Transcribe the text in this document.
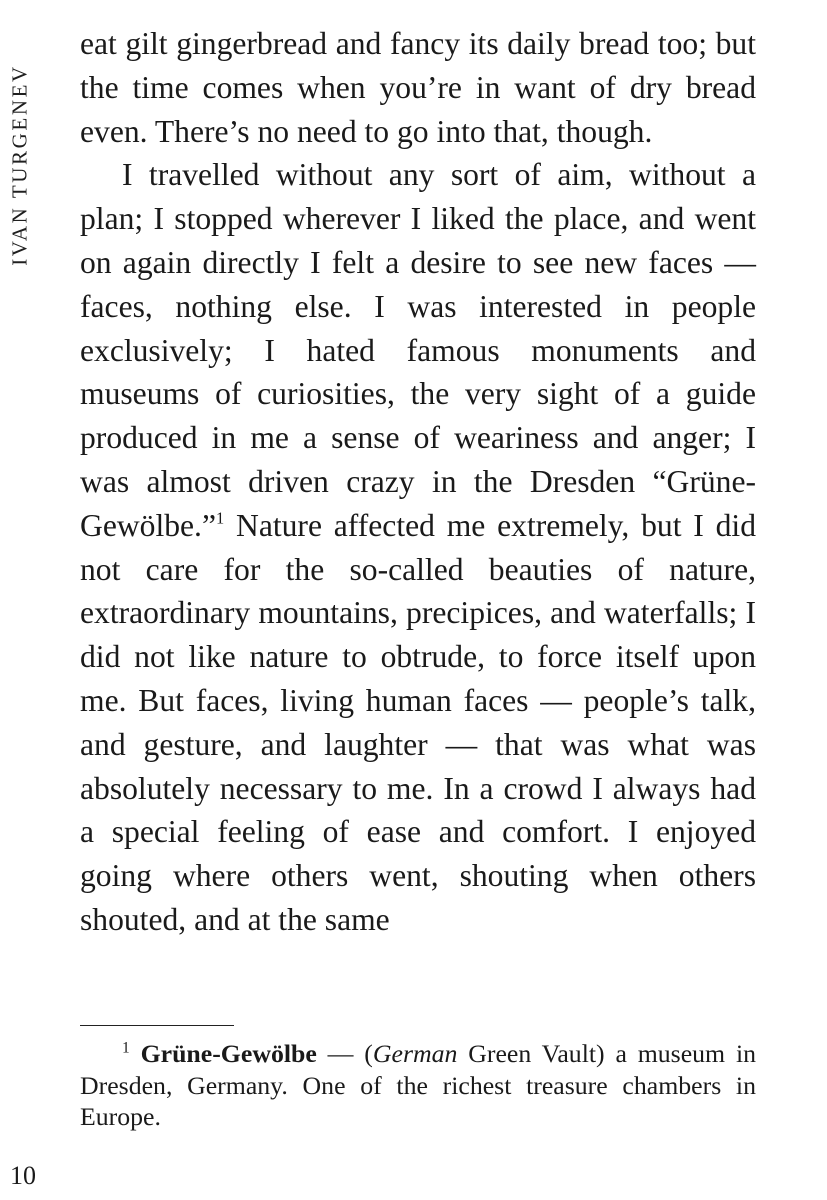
IVAN TURGENEV

eat gilt gingerbread and fancy its daily bread too; but the time comes when you’re in want of dry bread even. There’s no need to go into that, though.

I travelled without any sort of aim, without a plan; I stopped wherever I liked the place, and went on again directly I felt a desire to see new faces — faces, nothing else. I was interested in people exclusively; I hated famous monuments and museums of curiosities, the very sight of a guide produced in me a sense of weariness and anger; I was almost driven crazy in the Dresden “Grüne-Gewölbe.”$^1$ Nature affected me extremely, but I did not care for the so-called beauties of nature, extraordinary mountains, precipices, and waterfalls; I did not like nature to obtrude, to force itself upon me. But faces, living human faces — people’s talk, and gesture, and laughter — that was what was absolutely necessary to me. In a crowd I always had a special feeling of ease and comfort. I enjoyed going where others went, shouting when others shouted, and at the same

$^1$ Grüne-Gewölbe — (German Green Vault) a museum in Dresden, Germany. One of the richest treasure chambers in Europe.

10
